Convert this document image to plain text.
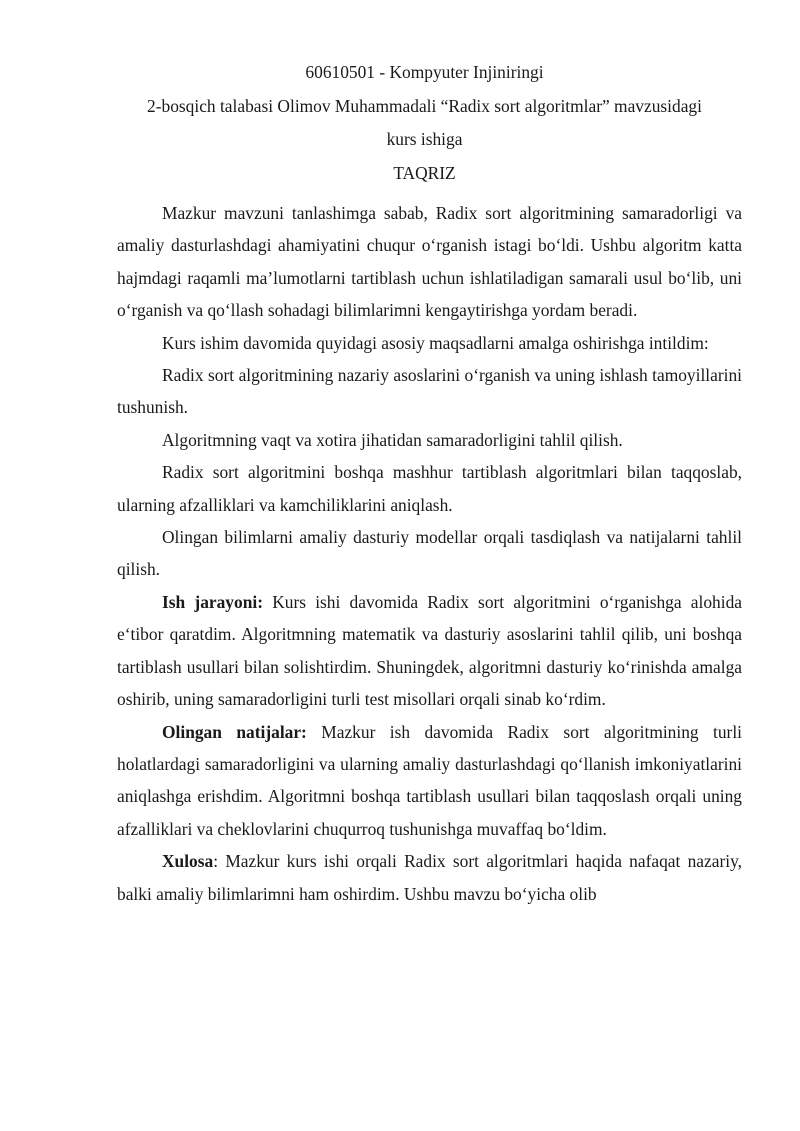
60610501 - Kompyuter Injiniringi
2-bosqich talabasi Olimov Muhammadali “Radix sort algoritmlar” mavzusidagi
kurs ishiga
TAQRIZ

Mazkur mavzuni tanlashimga sabab, Radix sort algoritmining samaradorligi va amaliy dasturlashdagi ahamiyatini chuqur o‘rganish istagi bo‘ldi. Ushbu algoritm katta hajmdagi raqamli ma’lumotlarni tartiblash uchun ishlatiladigan samarali usul bo‘lib, uni o‘rganish va qo‘llash sohadagi bilimlarimni kengaytirishga yordam beradi.

Kurs ishim davomida quyidagi asosiy maqsadlarni amalga oshirishga intildim:

Radix sort algoritmining nazariy asoslarini o‘rganish va uning ishlash tamoyillarini tushunish.

Algoritmning vaqt va xotira jihatidan samaradorligini tahlil qilish.

Radix sort algoritmini boshqa mashhur tartiblash algoritmlari bilan taqqoslab, ularning afzalliklari va kamchiliklarini aniqlash.

Olingan bilimlarni amaliy dasturiy modellar orqali tasdiqlash va natijalarni tahlil qilish.

Ish jarayoni: Kurs ishi davomida Radix sort algoritmini o‘rganishga alohida e‘tibor qaratdim. Algoritmning matematik va dasturiy asoslarini tahlil qilib, uni boshqa tartiblash usullari bilan solishtirdim. Shuningdek, algoritmni dasturiy ko‘rinishda amalga oshirib, uning samaradorligini turli test misollari orqali sinab ko‘rdim.

Olingan natijalar: Mazkur ish davomida Radix sort algoritmining turli holatlardagi samaradorligini va ularning amaliy dasturlashdagi qo‘llanish imkoniyatlarini aniqlashga erishdim. Algoritmni boshqa tartiblash usullari bilan taqqoslash orqali uning afzalliklari va cheklovlarini chuqurroq tushunishga muvaffaq bo‘ldim.

Xulosa: Mazkur kurs ishi orqali Radix sort algoritmlari haqida nafaqat nazariy, balki amaliy bilimlarimni ham oshirdim. Ushbu mavzu bo‘yicha olib
